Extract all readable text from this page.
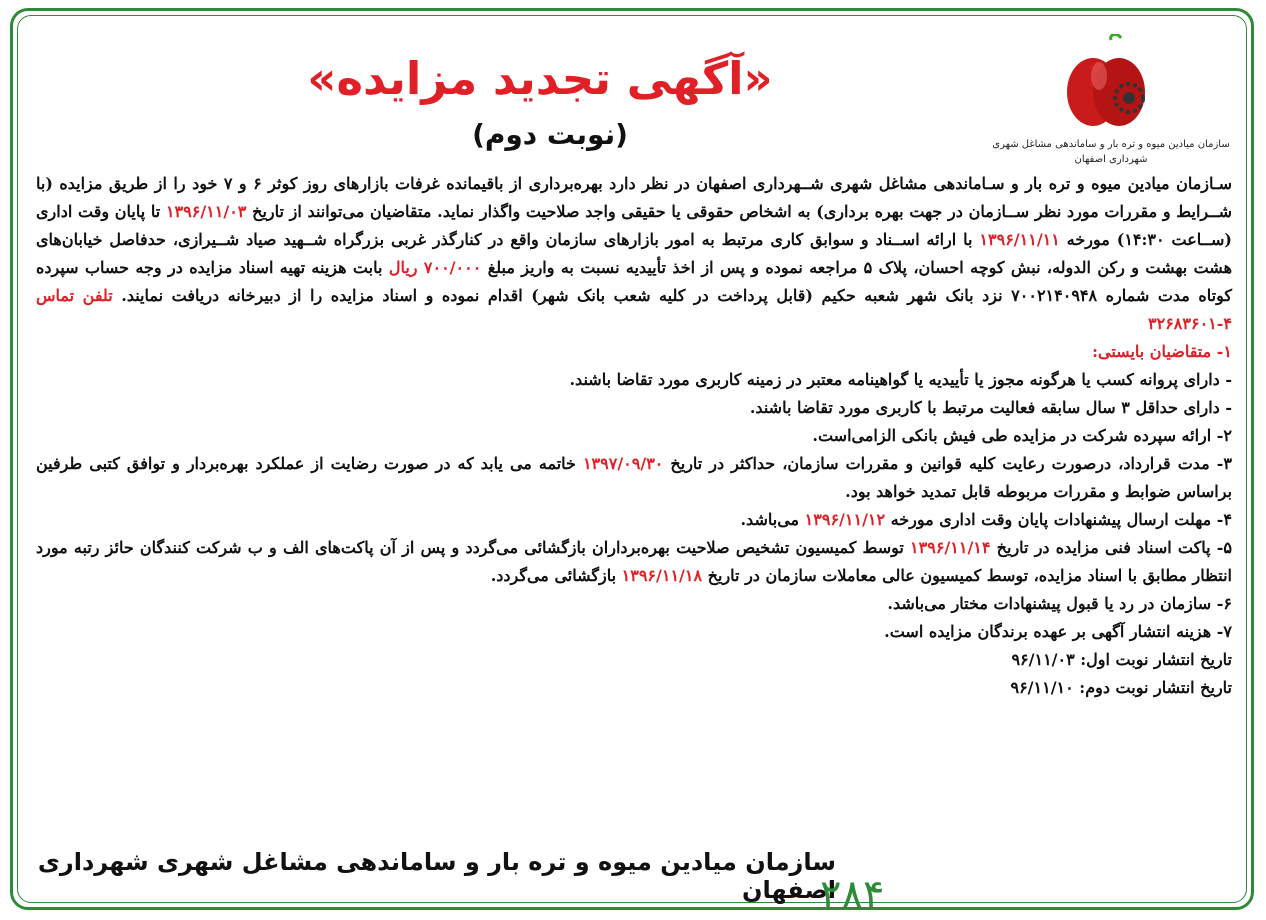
سازمان میادین میوه و تره بار و ساماندهی مشاغل شهری
شهرداری اصفهان
«آگهی تجدید مزایده»
(نوبت دوم)

سـازمان میادین میوه و تره بار و سـاماندهی مشاغل شهری شــهرداری اصفهان در نظر دارد بهره‌برداری از باقیمانده غرفات بازارهای روز کوثر ۶ و ۷ خود را از طریق مزایده (با شــرایط و مقررات مورد نظر ســازمان در جهت بهره برداری) به اشخاص حقوقی یا حقیقی واجد صلاحیت واگذار نماید. متقاضیان می‌توانند از تاریخ ۱۳۹۶/۱۱/۰۳ تا پایان وقت اداری (ســاعت ۱۴:۳۰) مورخه ۱۳۹۶/۱۱/۱۱ با ارائه اســناد و سوابق کاری مرتبط به امور بازارهای سازمان واقع در کنارگذر غربی بزرگراه شــهید صیاد شــیرازی، حدفاصل خیابان‌های هشت بهشت و رکن الدوله، نبش کوچه احسان، پلاک ۵ مراجعه نموده و پس از اخذ تأییدیه نسبت به واریز مبلغ ۷۰۰/۰۰۰ ریال بابت هزینه تهیه اسناد مزایده در وجه حساب سپرده کوتاه مدت شماره ۷۰۰۲۱۴۰۹۴۸ نزد بانک شهر شعبه حکیم (قابل پرداخت در کلیه شعب بانک شهر) اقدام نموده و اسناد مزایده را از دبیرخانه دریافت نمایند. تلفن تماس ۴-۳۲۶۸۳۶۰۱

۱- متقاضیان بایستی:

- دارای پروانه کسب یا هرگونه مجوز یا تأییدیه یا گواهینامه معتبر در زمینه کاربری مورد تقاضا باشند.

- دارای حداقل ۳ سال سابقه فعالیت مرتبط با کاربری مورد تقاضا باشند.

۲- ارائه سپرده شرکت در مزایده طی فیش بانکی الزامی‌است.

۳- مدت قرارداد، درصورت رعایت کلیه قوانین و مقررات سازمان، حداکثر در تاریخ ۱۳۹۷/۰۹/۳۰ خاتمه می یابد که در صورت رضایت از عملکرد بهره‌بردار و توافق کتبی طرفین براساس ضوابط و مقررات مربوطه قابل تمدید خواهد بود.

۴- مهلت ارسال پیشنهادات پایان وقت اداری مورخه ۱۳۹۶/۱۱/۱۲ می‌باشد.

۵- پاکت اسناد فنی مزایده در تاریخ ۱۳۹۶/۱۱/۱۴ توسط کمیسیون تشخیص صلاحیت بهره‌برداران بازگشائی می‌گردد و پس از آن پاکت‌های الف و ب شرکت کنندگان حائز رتبه مورد انتظار مطابق با اسناد مزایده، توسط کمیسیون عالی معاملات سازمان در تاریخ ۱۳۹۶/۱۱/۱۸ بازگشائی می‌گردد.

۶- سازمان در رد یا قبول پیشنهادات مختار می‌باشد.

۷- هزینه انتشار آگهی بر عهده برندگان مزایده است.

تاریخ انتشار نوبت اول: ۹۶/۱۱/۰۳

تاریخ انتشار نوبت دوم: ۹۶/۱۱/۱۰

سازمان میادین میوه و تره بار و ساماندهی مشاغل شهری شهرداری اصفهان
۲۸۴
